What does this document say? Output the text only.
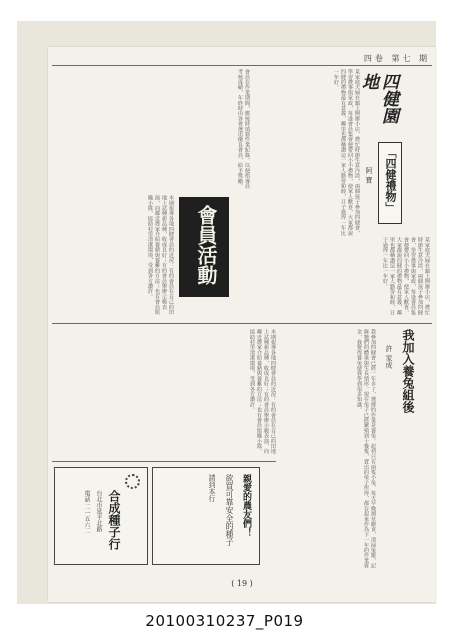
四卷 第七 期
四健園地
「四健禮物」
阿 寶
某家庭夫婦在鎮上開辦小店，農忙時節生意冷淡，兩個孩子參加四健會，學習農事與家政，每逢會員集會便帶回小小禮物，使家人歡喜，大家都說四健的禮物最有意義，鄰里也都稱讚這一家人勤勞和睦，日子過得一年比一年好。
會員在作業期間，應按時填寫作業紀錄，以便指導員考核成績，年終時由各會選出優良會員，給予獎勵。
會員活動
本期報導各地四健會員的近況：有的會員在自己的田地上試種新品種，收成良好；有的會員舉辦示範表演，向鄰近農家介紹養豬與養雞的方法；也有會員組織小隊，協助村里清潔環境，受到各方讚許。	某家庭夫婦在鎮上開辦小店，農忙時節生意冷淡，兩個孩子參加四健會，學習農事與家政，每逢會員集會便帶回小小禮物，使家人歡喜，大家都說四健的禮物最有意義，鄰里也都稱讚這一家人勤勞和睦，日子過得一年比一年好。
我加入養兔組後
許 家成
我參加四健會已經一年多了，選擇的作業是養兔。起初只有兩隻小兔，每天早晚割草餵食，清掃兔籠，記錄牠們的體重與生長情形。現在兔子已經繁殖到十幾隻，賣出的兔子所得，都存起來作為下一年的作業資金，我覺得養兔使我學到很多知識。
本期報導各地四健會員的近況：有的會員在自己的田地上試種新品種，收成良好；有的會員舉辦示範表演，向鄰近農家介紹養豬與養雞的方法；也有會員組織小隊，協助村里清潔環境，受到各方讚許。
親愛的農友們！
欲買可靠安全的種子
請到本行
合成種子行
台北市延平北路
電話 二一五六二
( 19 )
20100310237_P019
